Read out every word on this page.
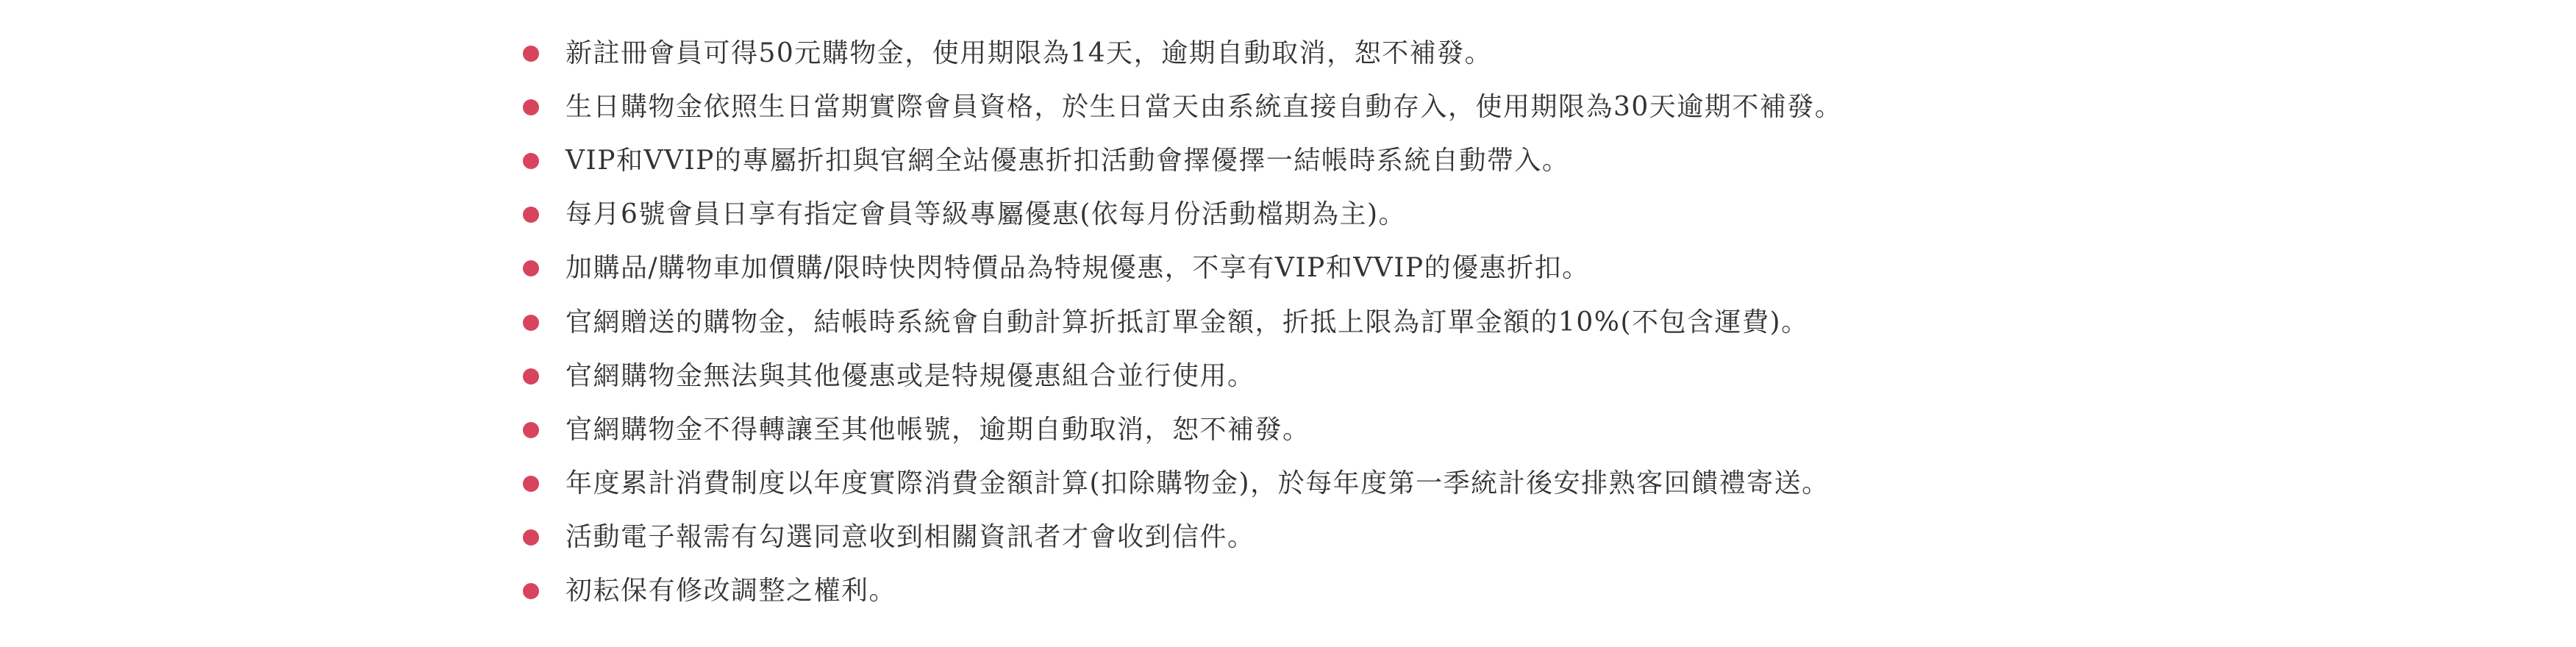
新註冊會員可得50元購物金，使用期限為14天，逾期自動取消，恕不補發。
生日購物金依照生日當期實際會員資格，於生日當天由系統直接自動存入，使用期限為30天逾期不補發。
VIP和VVIP的專屬折扣與官網全站優惠折扣活動會擇優擇一結帳時系統自動帶入。
每月6號會員日享有指定會員等級專屬優惠(依每月份活動檔期為主)。
加購品/購物車加價購/限時快閃特價品為特規優惠，不享有VIP和VVIP的優惠折扣。
官網贈送的購物金，結帳時系統會自動計算折抵訂單金額，折抵上限為訂單金額的10%(不包含運費)。
官網購物金無法與其他優惠或是特規優惠組合並行使用。
官網購物金不得轉讓至其他帳號，逾期自動取消，恕不補發。
年度累計消費制度以年度實際消費金額計算(扣除購物金)，於每年度第一季統計後安排熟客回饋禮寄送。
活動電子報需有勾選同意收到相關資訊者才會收到信件。
初耘保有修改調整之權利。
